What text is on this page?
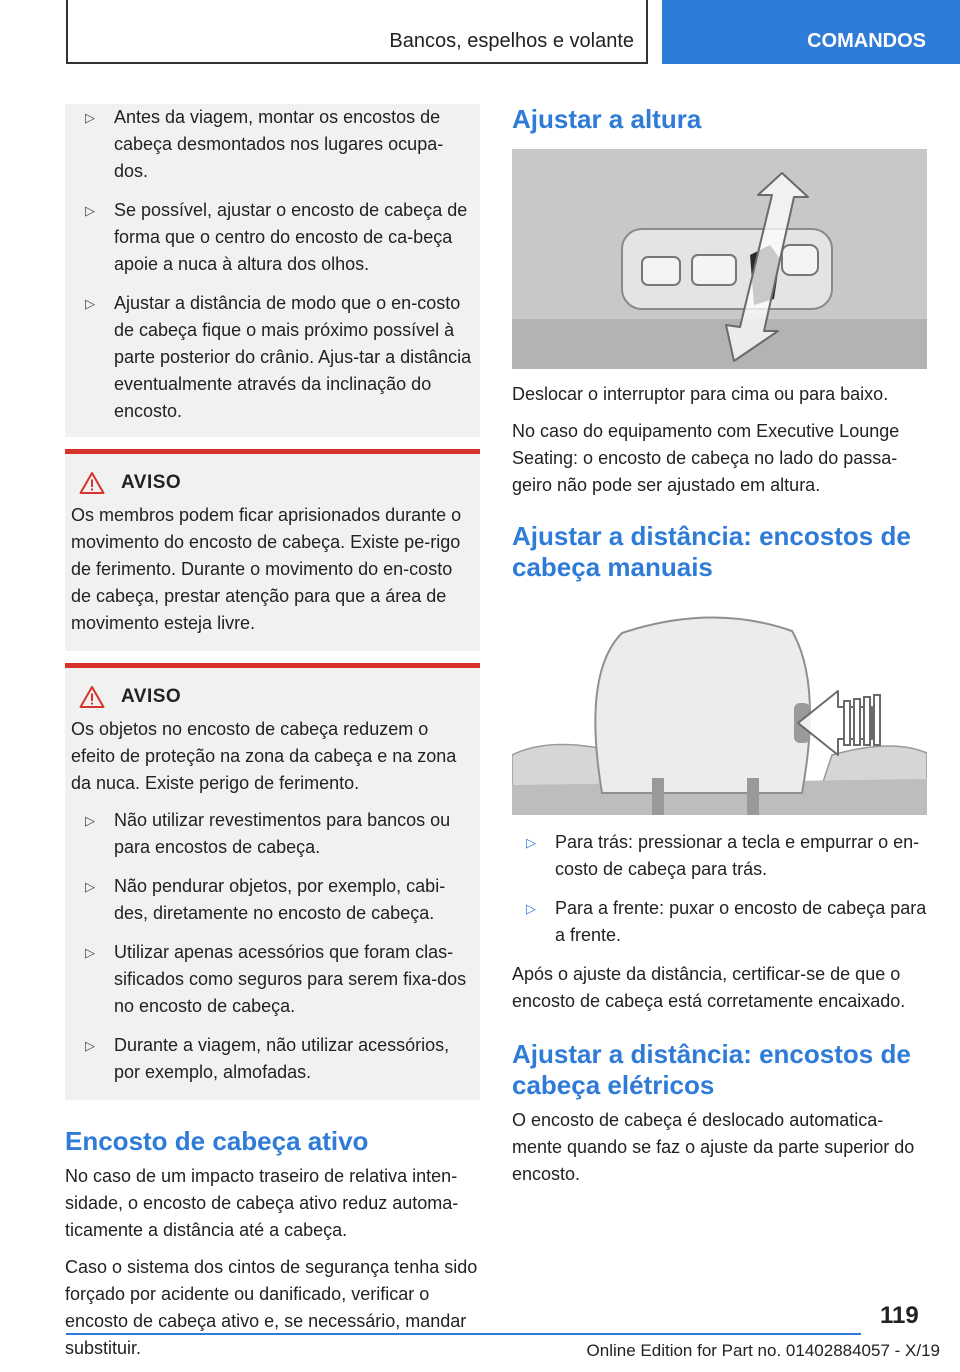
Bancos, espelhos e volante	COMANDOS
▷ Antes da viagem, montar os encostos de cabeça desmontados nos lugares ocupa-dos.
▷ Se possível, ajustar o encosto de cabeça de forma que o centro do encosto de ca-beça apoie a nuca à altura dos olhos.
▷ Ajustar a distância de modo que o en-costo de cabeça fique o mais próximo possível à parte posterior do crânio. Ajus-tar a distância eventualmente através da inclinação do encosto.
AVISO

Os membros podem ficar aprisionados durante o movimento do encosto de cabeça. Existe pe-rigo de ferimento. Durante o movimento do en-costo de cabeça, prestar atenção para que a área de movimento esteja livre.

AVISO

Os objetos no encosto de cabeça reduzem o efeito de proteção na zona da cabeça e na zona da nuca. Existe perigo de ferimento.

▷ Não utilizar revestimentos para bancos ou para encostos de cabeça.
▷ Não pendurar objetos, por exemplo, cabi-des, diretamente no encosto de cabeça.
▷ Utilizar apenas acessórios que foram clas-sificados como seguros para serem fixa-dos no encosto de cabeça.
▷ Durante a viagem, não utilizar acessórios, por exemplo, almofadas.
Encosto de cabeça ativo

No caso de um impacto traseiro de relativa inten-sidade, o encosto de cabeça ativo reduz automa-ticamente a distância até a cabeça.

Caso o sistema dos cintos de segurança tenha sido forçado por acidente ou danificado, verificar o encosto de cabeça ativo e, se necessário, mandar substituir.

Ajustar a altura

Deslocar o interruptor para cima ou para baixo.

No caso do equipamento com Executive Lounge Seating: o encosto de cabeça no lado do passa-geiro não pode ser ajustado em altura.

Ajustar a distância: encostos de cabeça manuais
▷ Para trás: pressionar a tecla e empurrar o en-costo de cabeça para trás.
▷ Para a frente: puxar o encosto de cabeça para a frente.

Após o ajuste da distância, certificar-se de que o encosto de cabeça está corretamente encaixado.

Ajustar a distância: encostos de cabeça elétricos

O encosto de cabeça é deslocado automatica-mente quando se faz o ajuste da parte superior do encosto.

119
Online Edition for Part no. 01402884057 - X/19
